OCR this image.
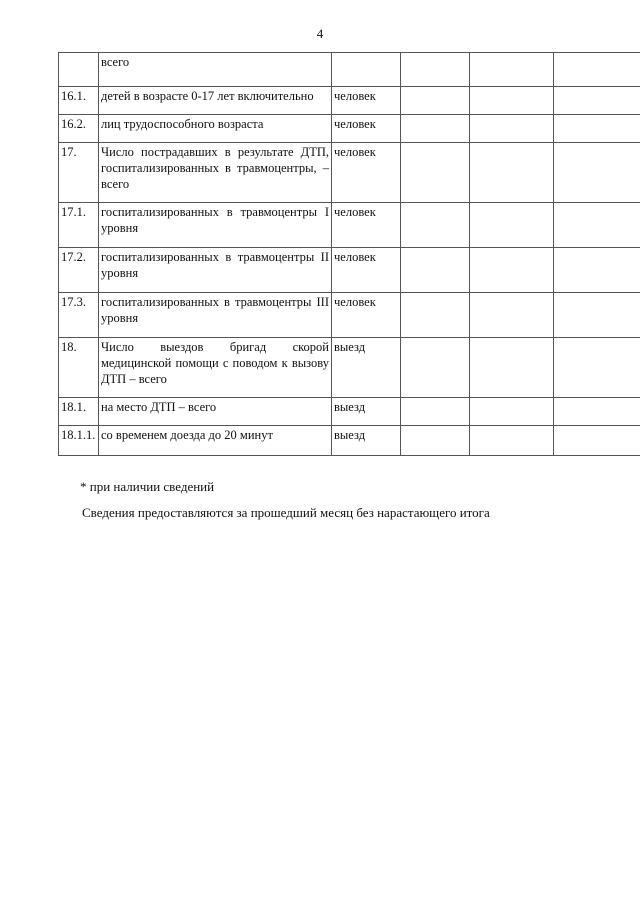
4
	всего				
16.1.	детей в возрасте 0-17 лет включительно	человек			
16.2.	лиц трудоспособного возраста	человек			
17.	Число пострадавших в результате ДТП, госпитализированных в травмоцентры, – всего	человек			
17.1.	госпитализированных в травмоцентры I уровня	человек			
17.2.	госпитализированных в травмоцентры II уровня	человек			
17.3.	госпитализированных в травмоцентры III уровня	человек			
18.	Число выездов бригад скорой медицинской помощи с поводом к вызову ДТП – всего	выезд			
18.1.	на место ДТП – всего	выезд			
18.1.1.	со временем доезда до 20 минут	выезд			
* при наличии сведений
Сведения предоставляются за прошедший месяц без нарастающего итога
